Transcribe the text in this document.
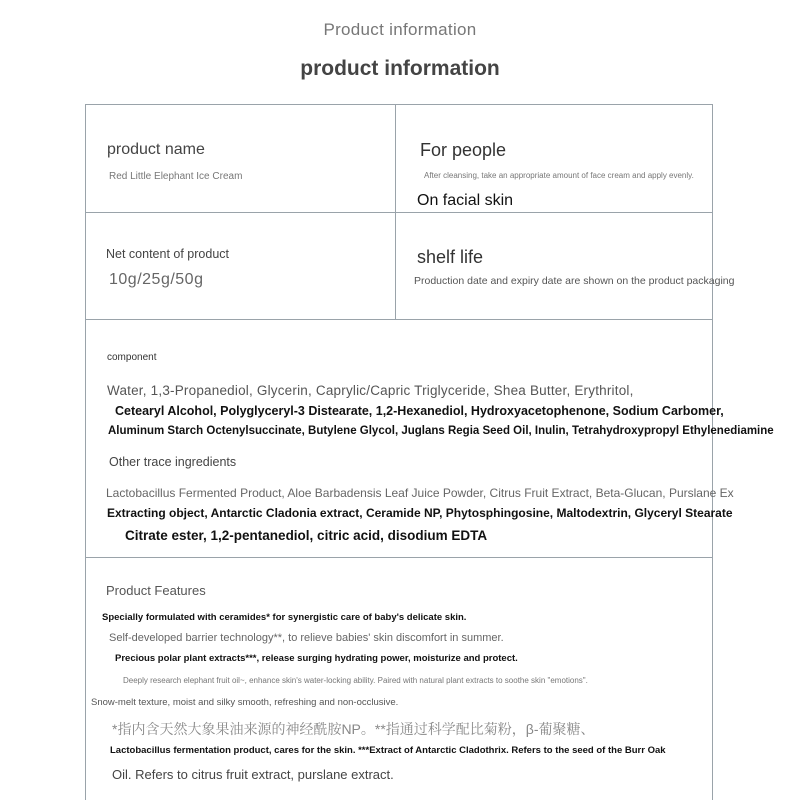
Product information
product information
product name
Red Little Elephant Ice Cream
For people
After cleansing, take an appropriate amount of face cream and apply evenly.
On facial skin
Net content of product
10g/25g/50g
shelf life
Production date and expiry date are shown on the product packaging
component
Water, 1,3-Propanediol, Glycerin, Caprylic/Capric Triglyceride, Shea Butter, Erythritol,
Cetearyl Alcohol, Polyglyceryl-3 Distearate, 1,2-Hexanediol, Hydroxyacetophenone, Sodium Carbomer,
Aluminum Starch Octenylsuccinate, Butylene Glycol, Juglans Regia Seed Oil, Inulin, Tetrahydroxypropyl Ethylenediamine
Other trace ingredients
Lactobacillus Fermented Product, Aloe Barbadensis Leaf Juice Powder, Citrus Fruit Extract, Beta-Glucan, Purslane Ex
Extracting object, Antarctic Cladonia extract, Ceramide NP, Phytosphingosine, Maltodextrin, Glyceryl Stearate
Citrate ester, 1,2-pentanediol, citric acid, disodium EDTA
Product Features
Specially formulated with ceramides* for synergistic care of baby's delicate skin.
Self-developed barrier technology**, to relieve babies' skin discomfort in summer.
Precious polar plant extracts***, release surging hydrating power, moisturize and protect.
Deeply research elephant fruit oil~, enhance skin's water-locking ability. Paired with natural plant extracts to soothe skin "emotions".
Snow-melt texture, moist and silky smooth, refreshing and non-occlusive.
*指内含天然大象果油来源的神经酰胺NP。**指通过科学配比菊粉，β-葡聚糖、
Lactobacillus fermentation product, cares for the skin. ***Extract of Antarctic Cladothrix. Refers to the seed of the Burr Oak
Oil. Refers to citrus fruit extract, purslane extract.
